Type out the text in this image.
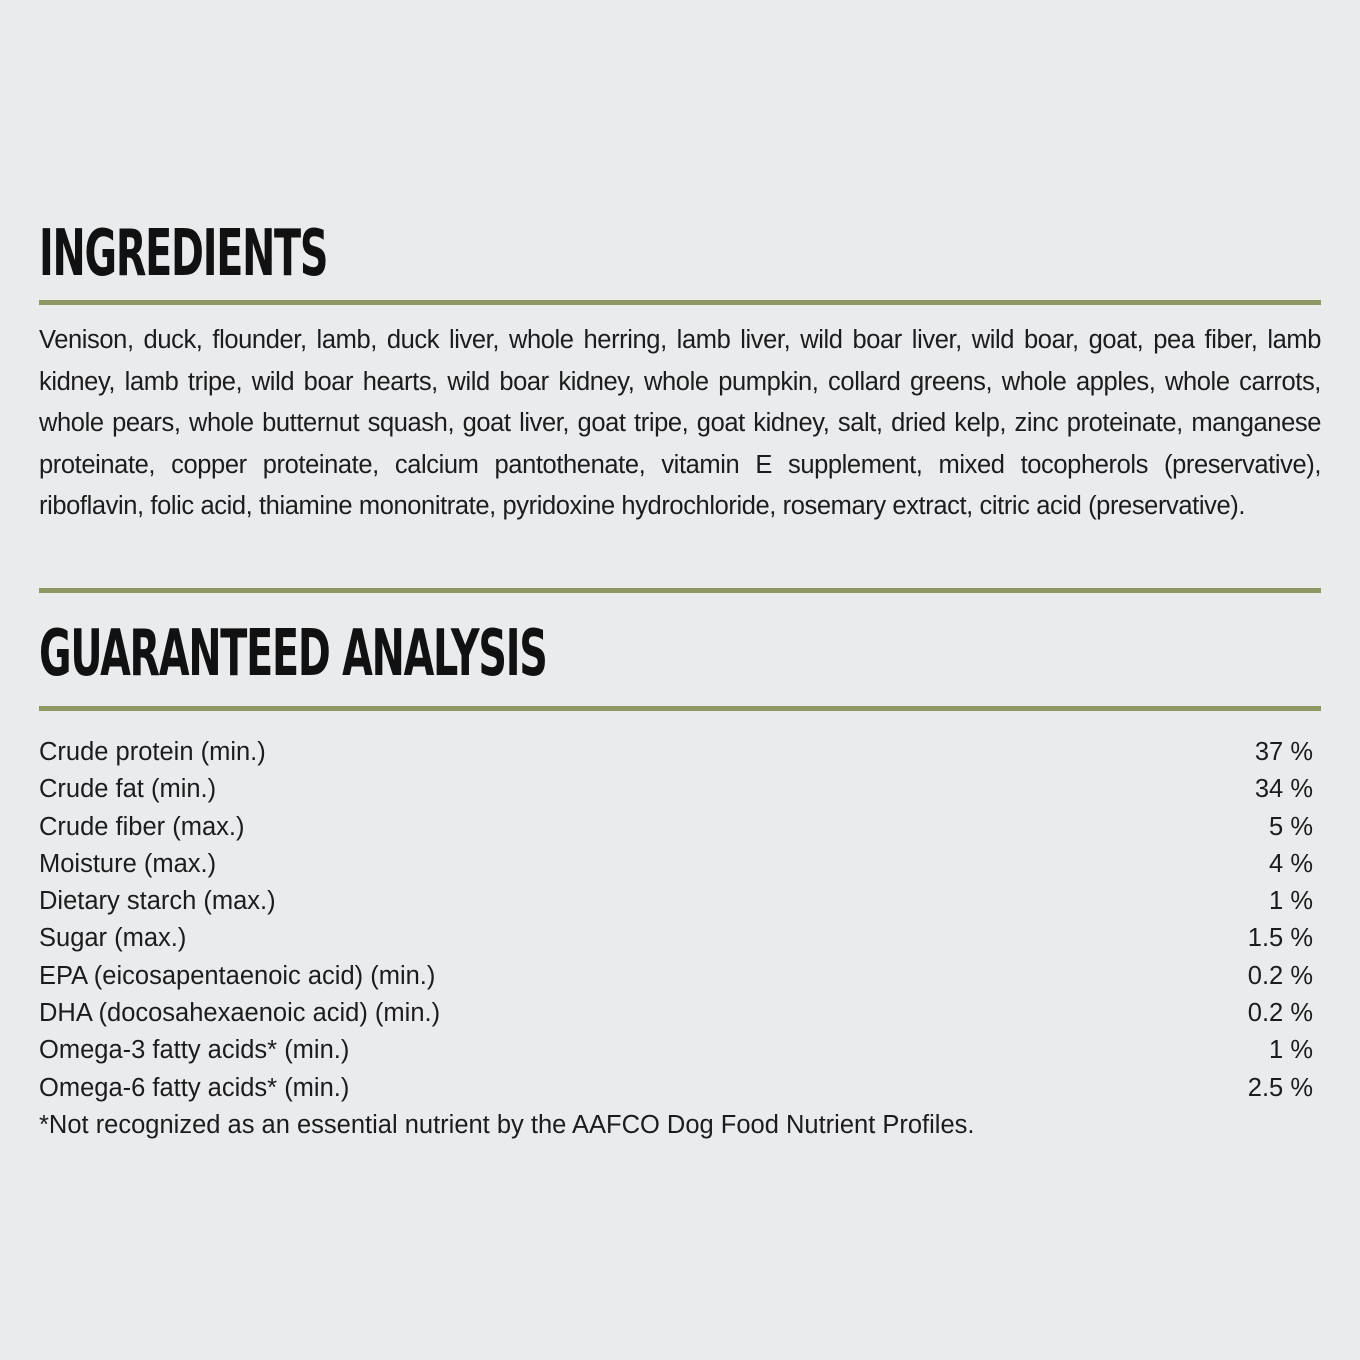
INGREDIENTS

Venison, duck, flounder, lamb, duck liver, whole herring, lamb liver, wild boar liver, wild boar, goat, pea fiber, lamb kidney, lamb tripe, wild boar hearts, wild boar kidney, whole pumpkin, collard greens, whole apples, whole carrots, whole pears, whole butternut squash, goat liver, goat tripe, goat kidney, salt, dried kelp, zinc proteinate, manganese proteinate, copper proteinate, calcium pantothenate, vitamin E supplement, mixed tocopherols (preservative), riboflavin, folic acid, thiamine mononitrate, pyridoxine hydrochloride, rosemary extract, citric acid (preservative).

GUARANTEED ANALYSIS
Crude protein (min.)	37 %
Crude fat (min.)	34 %
Crude fiber (max.)	5 %
Moisture (max.)	4 %
Dietary starch (max.)	1 %
Sugar (max.)	1.5 %
EPA (eicosapentaenoic acid) (min.)	0.2 %
DHA (docosahexaenoic acid) (min.)	0.2 %
Omega-3 fatty acids* (min.)	1 %
Omega-6 fatty acids* (min.)	2.5 %
*Not recognized as an essential nutrient by the AAFCO Dog Food Nutrient Profiles.
